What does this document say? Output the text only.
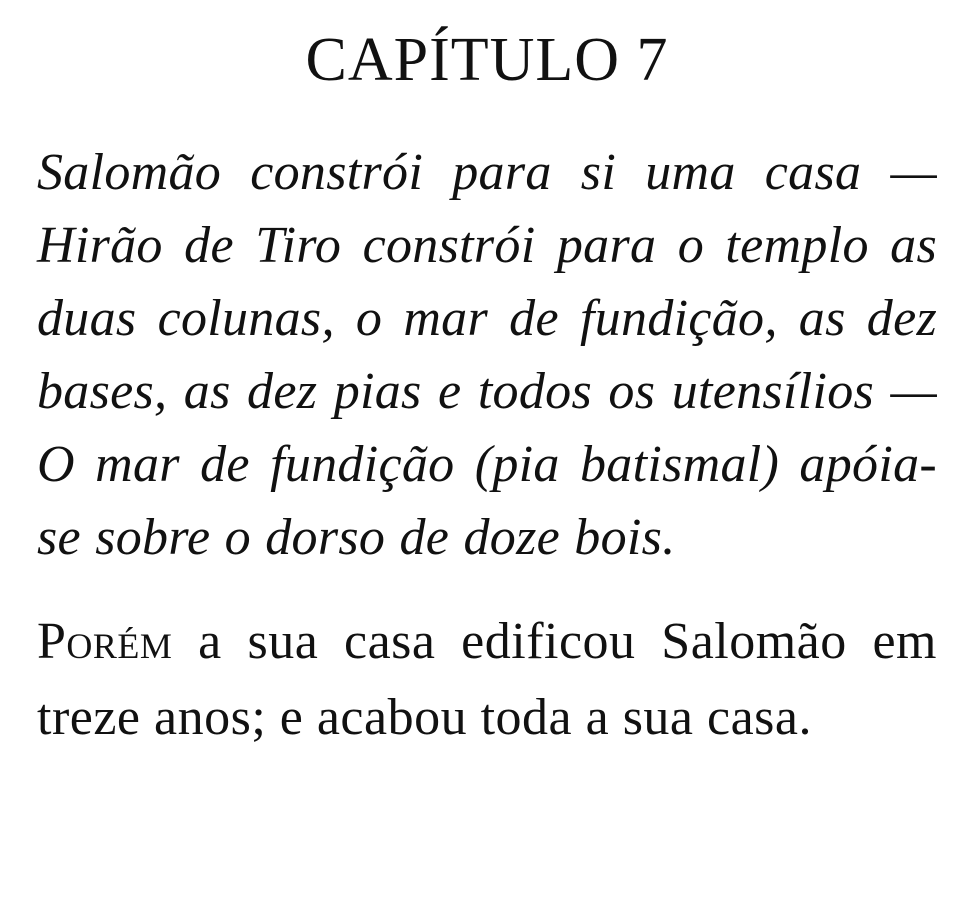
CAPÍTULO 7

Salomão constrói para si uma casa — Hirão de Tiro constrói para o templo as duas colunas, o mar de fundição, as dez bases, as dez pias e todos os utensílios — O mar de fundição (pia batismal) apóia-se sobre o dorso de doze bois.

Porém a sua casa edificou Salomão em treze anos; e acabou toda a sua casa.
